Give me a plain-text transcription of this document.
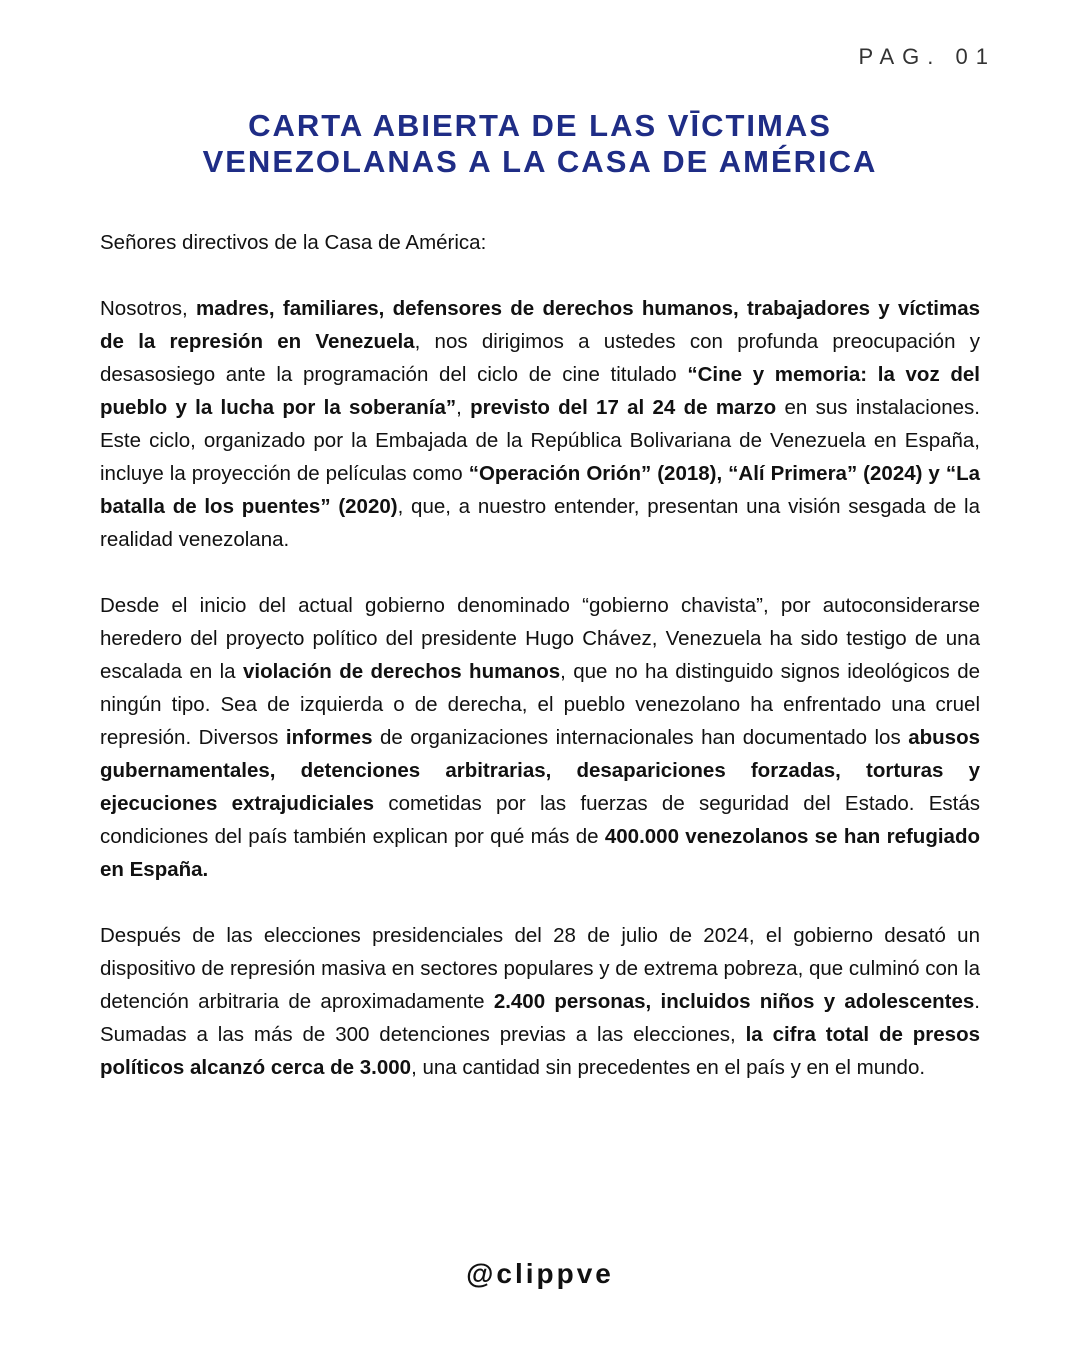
PAG. 01
CARTA ABIERTA DE LAS VĪCTIMAS
VENEZOLANAS A LA CASA DE AMÉRICA

Señores directivos de la Casa de América:

Nosotros, madres, familiares, defensores de derechos humanos, trabajadores y víctimas de la represión en Venezuela, nos dirigimos a ustedes con profunda preocupación y desasosiego ante la programación del ciclo de cine titulado “Cine y memoria: la voz del pueblo y la lucha por la soberanía”, previsto del 17 al 24 de marzo en sus instalaciones. Este ciclo, organizado por la Embajada de la República Bolivariana de Venezuela en España, incluye la proyección de películas como “Operación Orión” (2018), “Alí Primera” (2024) y “La batalla de los puentes” (2020), que, a nuestro entender, presentan una visión sesgada de la realidad venezolana.

Desde el inicio del actual gobierno denominado “gobierno chavista”, por autoconsiderarse heredero del proyecto político del presidente Hugo Chávez, Venezuela ha sido testigo de una escalada en la violación de derechos humanos, que no ha distinguido signos ideológicos de ningún tipo. Sea de izquierda o de derecha, el pueblo venezolano ha enfrentado una cruel represión. Diversos informes de organizaciones internacionales han documentado los abusos gubernamentales, detenciones arbitrarias, desapariciones forzadas, torturas y ejecuciones extrajudiciales cometidas por las fuerzas de seguridad del Estado. Estás condiciones del país también explican por qué más de 400.000 venezolanos se han refugiado en España.

Después de las elecciones presidenciales del 28 de julio de 2024, el gobierno desató un dispositivo de represión masiva en sectores populares y de extrema pobreza, que culminó con la detención arbitraria de aproximadamente 2.400 personas, incluidos niños y adolescentes. Sumadas a las más de 300 detenciones previas a las elecciones, la cifra total de presos políticos alcanzó cerca de 3.000, una cantidad sin precedentes en el país y en el mundo.

@clippve
